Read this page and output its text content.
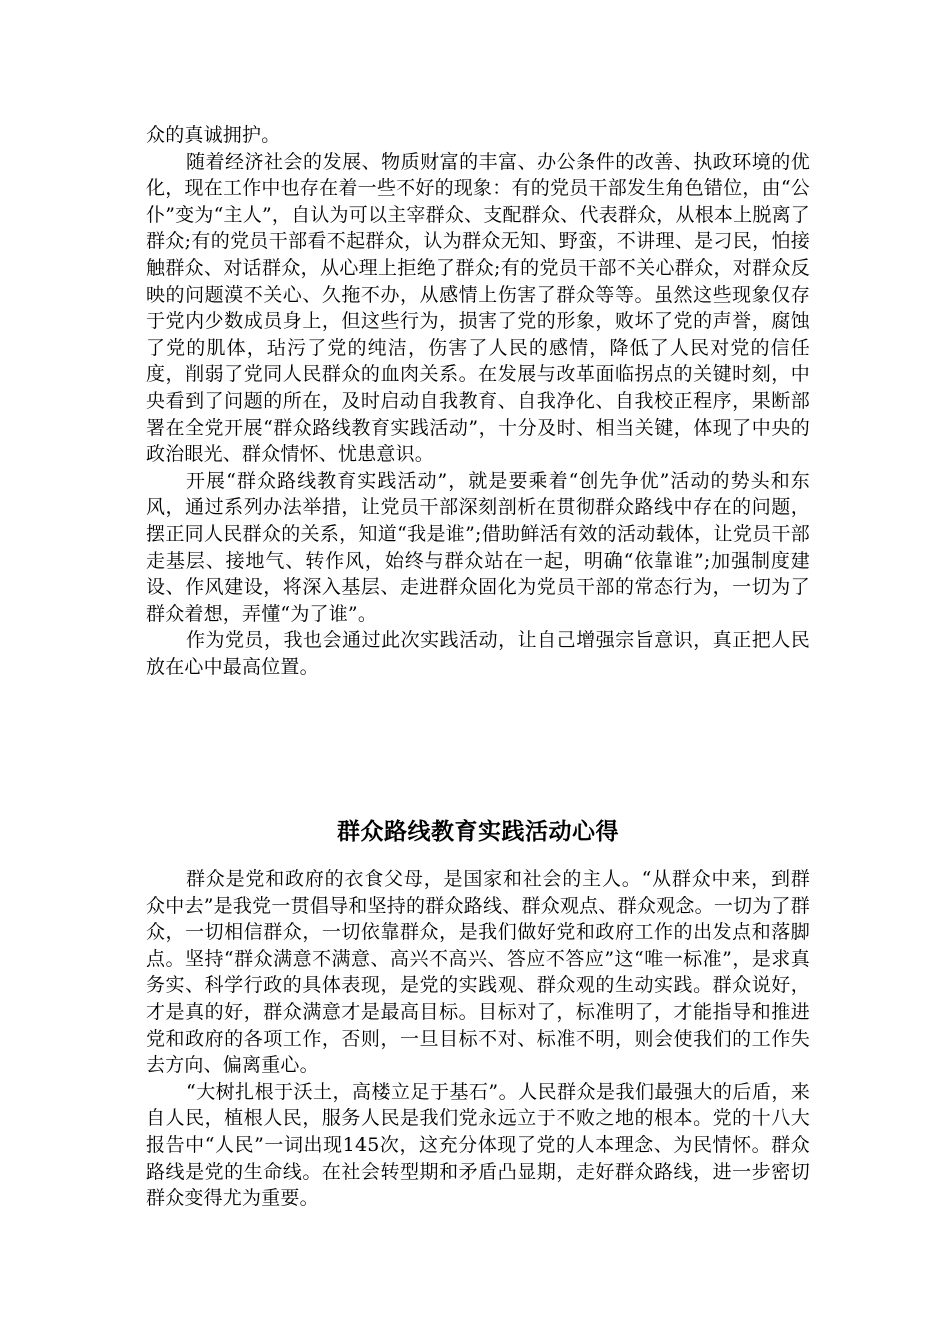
众的真诚拥护。

随着经济社会的发展、物质财富的丰富、办公条件的改善、执政环境的优化，现在工作中也存在着一些不好的现象：有的党员干部发生角色错位，由“公仆”变为“主人”，自认为可以主宰群众、支配群众、代表群众，从根本上脱离了群众;有的党员干部看不起群众，认为群众无知、野蛮，不讲理、是刁民，怕接触群众、对话群众，从心理上拒绝了群众;有的党员干部不关心群众，对群众反映的问题漠不关心、久拖不办，从感情上伤害了群众等等。虽然这些现象仅存于党内少数成员身上，但这些行为，损害了党的形象，败坏了党的声誉，腐蚀了党的肌体，玷污了党的纯洁，伤害了人民的感情，降低了人民对党的信任度，削弱了党同人民群众的血肉关系。在发展与改革面临拐点的关键时刻，中央看到了问题的所在，及时启动自我教育、自我净化、自我校正程序，果断部署在全党开展“群众路线教育实践活动”，十分及时、相当关键，体现了中央的政治眼光、群众情怀、忧患意识。

开展“群众路线教育实践活动”，就是要乘着“创先争优”活动的势头和东风，通过系列办法举措，让党员干部深刻剖析在贯彻群众路线中存在的问题，摆正同人民群众的关系，知道“我是谁”;借助鲜活有效的活动载体，让党员干部走基层、接地气、转作风，始终与群众站在一起，明确“依靠谁”;加强制度建设、作风建设，将深入基层、走进群众固化为党员干部的常态行为，一切为了群众着想，弄懂“为了谁”。

作为党员，我也会通过此次实践活动，让自己增强宗旨意识，真正把人民放在心中最高位置。

群众路线教育实践活动心得

群众是党和政府的衣食父母，是国家和社会的主人。“从群众中来，到群众中去”是我党一贯倡导和坚持的群众路线、群众观点、群众观念。一切为了群众，一切相信群众，一切依靠群众，是我们做好党和政府工作的出发点和落脚点。坚持“群众满意不满意、高兴不高兴、答应不答应”这“唯一标准”，是求真务实、科学行政的具体表现，是党的实践观、群众观的生动实践。群众说好，才是真的好，群众满意才是最高目标。目标对了，标准明了，才能指导和推进党和政府的各项工作，否则，一旦目标不对、标准不明，则会使我们的工作失去方向、偏离重心。

“大树扎根于沃土，高楼立足于基石”。人民群众是我们最强大的后盾，来自人民，植根人民，服务人民是我们党永远立于不败之地的根本。党的十八大报告中“人民”一词出现145次，这充分体现了党的人本理念、为民情怀。群众路线是党的生命线。在社会转型期和矛盾凸显期，走好群众路线，进一步密切群众变得尤为重要。
